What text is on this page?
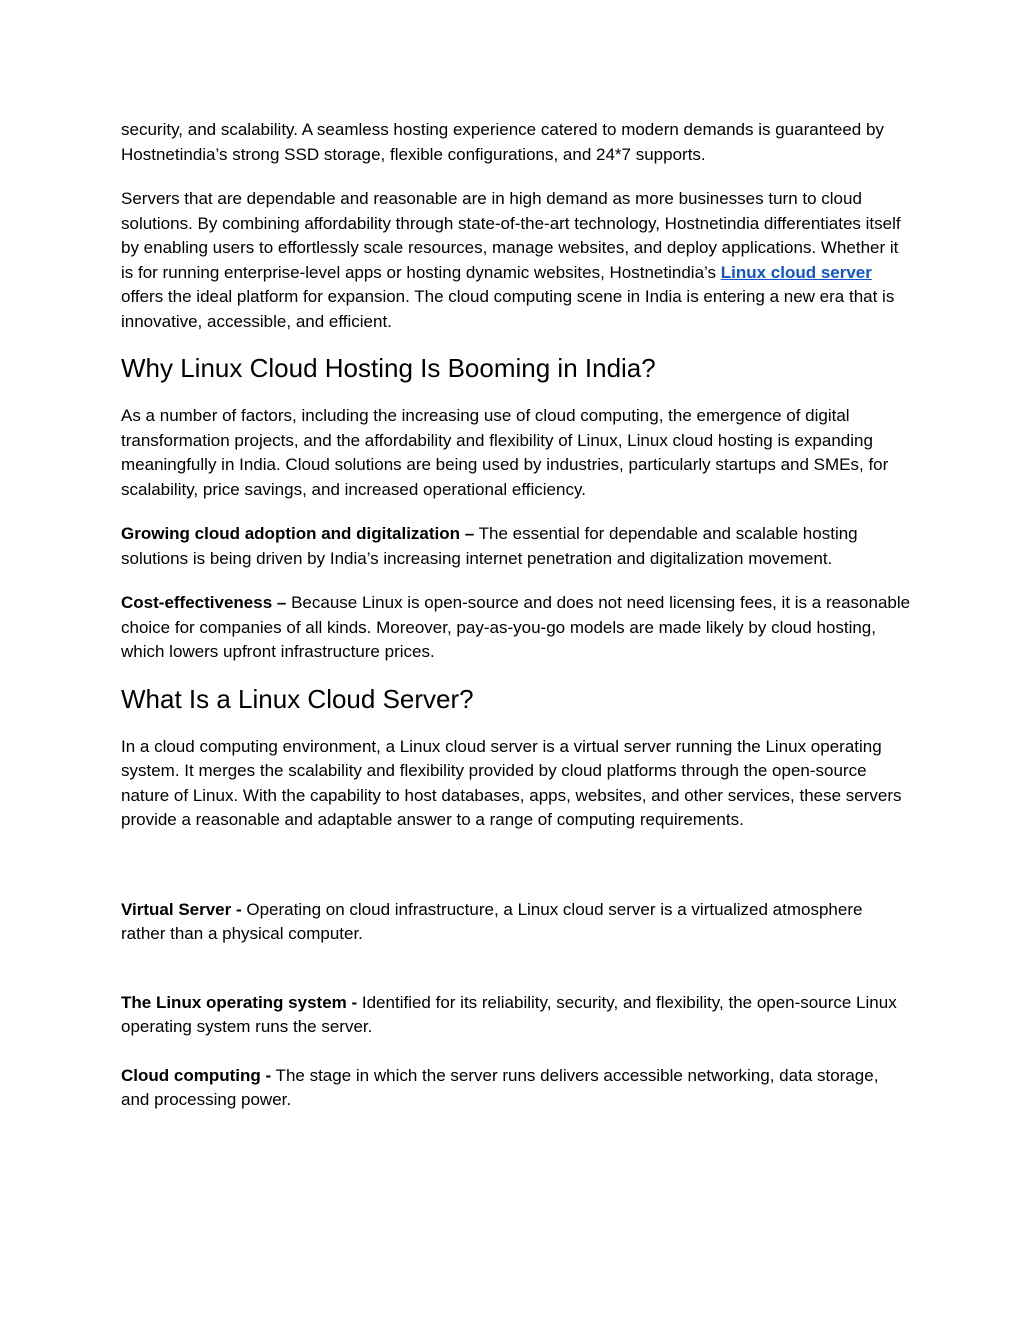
security, and scalability. A seamless hosting experience catered to modern demands is guaranteed by Hostnetindia’s strong SSD storage, flexible configurations, and 24*7 supports.

Servers that are dependable and reasonable are in high demand as more businesses turn to cloud solutions. By combining affordability through state-of-the-art technology, Hostnetindia differentiates itself by enabling users to effortlessly scale resources, manage websites, and deploy applications. Whether it is for running enterprise-level apps or hosting dynamic websites, Hostnetindia’s Linux cloud server offers the ideal platform for expansion. The cloud computing scene in India is entering a new era that is innovative, accessible, and efficient.

Why Linux Cloud Hosting Is Booming in India?

As a number of factors, including the increasing use of cloud computing, the emergence of digital transformation projects, and the affordability and flexibility of Linux, Linux cloud hosting is expanding meaningfully in India. Cloud solutions are being used by industries, particularly startups and SMEs, for scalability, price savings, and increased operational efficiency.

Growing cloud adoption and digitalization – The essential for dependable and scalable hosting solutions is being driven by India’s increasing internet penetration and digitalization movement.

Cost-effectiveness – Because Linux is open-source and does not need licensing fees, it is a reasonable choice for companies of all kinds. Moreover, pay-as-you-go models are made likely by cloud hosting, which lowers upfront infrastructure prices.

What Is a Linux Cloud Server?

In a cloud computing environment, a Linux cloud server is a virtual server running the Linux operating system. It merges the scalability and flexibility provided by cloud platforms through the open-source nature of Linux. With the capability to host databases, apps, websites, and other services, these servers provide a reasonable and adaptable answer to a range of computing requirements.

Virtual Server - Operating on cloud infrastructure, a Linux cloud server is a virtualized atmosphere rather than a physical computer.

The Linux operating system - Identified for its reliability, security, and flexibility, the open-source Linux operating system runs the server.

Cloud computing - The stage in which the server runs delivers accessible networking, data storage, and processing power.
